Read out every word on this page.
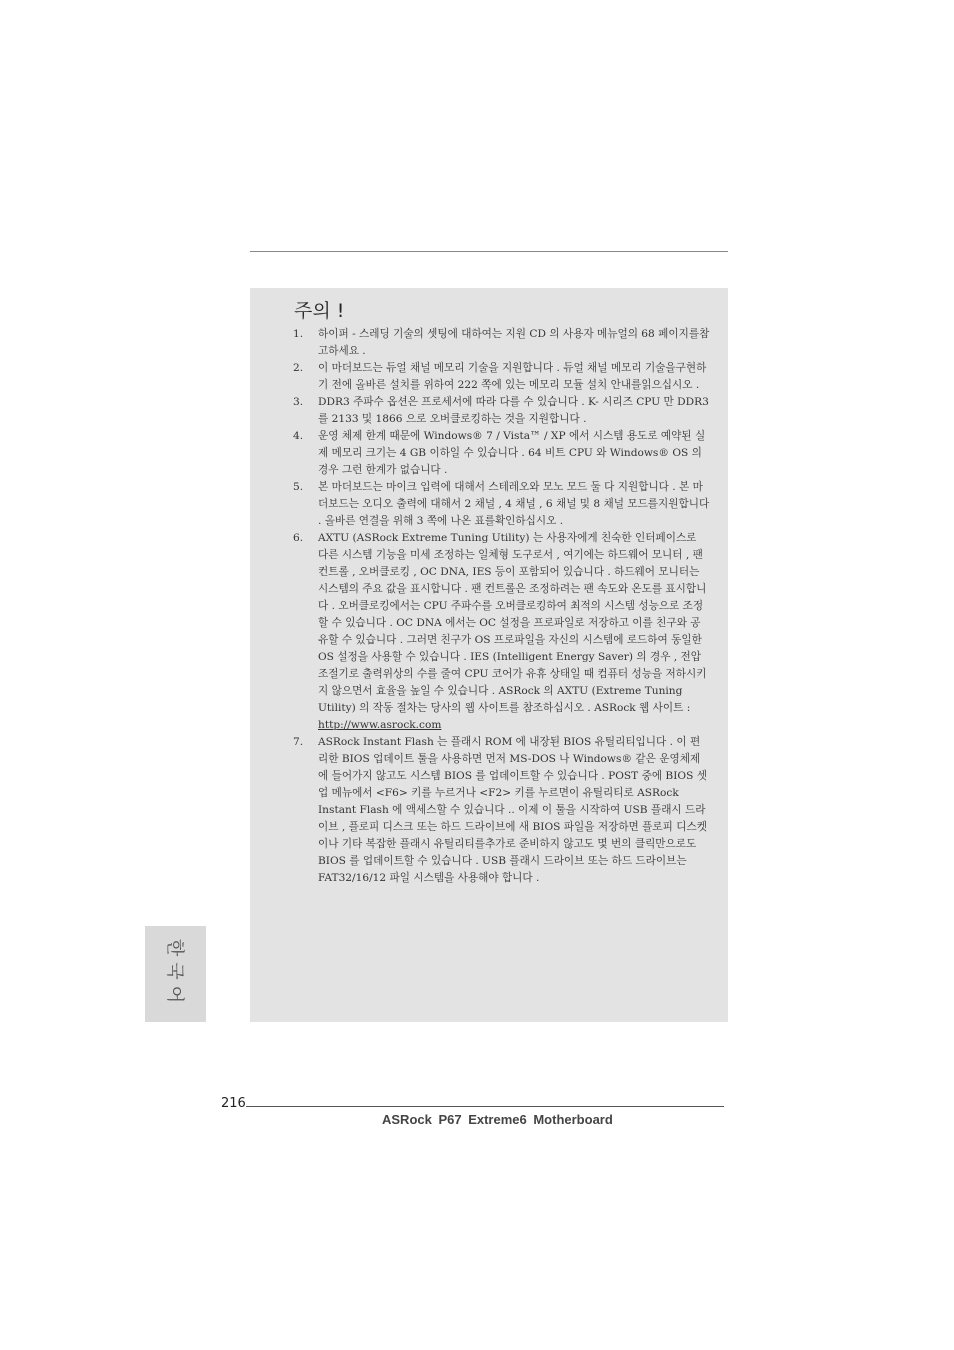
주의 !
1. 하이퍼 - 스레딩 기술의 셋팅에 대하여는 지원 CD 의 사용자 메뉴얼의 68 페이지를참고하세요 .
2. 이 마더보드는 듀얼 채널 메모리 기술을 지원합니다 . 듀얼 채널 메모리 기술을구현하기 전에 올바른 설치를 위하여 222 쪽에 있는 메모리 모듈 설치 안내를읽으십시오 .
3. DDR3 주파수 옵션은 프로세서에 따라 다를 수 있습니다 . K- 시리즈 CPU 만 DDR3 를 2133 및 1866 으로 오버클로킹하는 것을 지원합니다 .
4. 운영 체제 한계 때문에 Windows® 7 / Vista™ / XP 에서 시스템 용도로 예약된 실제 메모리 크기는 4 GB 이하일 수 있습니다 . 64 비트 CPU 와 Windows® OS 의 경우 그런 한계가 없습니다 .
5. 본 마더보드는 마이크 입력에 대해서 스테레오와 모노 모드 둘 다 지원합니다 . 본 마더보드는 오디오 출력에 대해서 2 채널 , 4 채널 , 6 채널 및 8 채널 모드를지원합니다 . 올바른 연결을 위해 3 쪽에 나온 표를확인하십시오 .
6. AXTU (ASRock Extreme Tuning Utility) 는 사용자에게 친숙한 인터페이스로 다른 시스템 기능을 미세 조정하는 일체형 도구로서 , 여기에는 하드웨어 모니터 , 팬 컨트롤 , 오버클로킹 , OC DNA, IES 등이 포함되어 있습니다 . 하드웨어 모니터는 시스템의 주요 값을 표시합니다 . 팬 컨트롤은 조정하려는 팬 속도와 온도를 표시합니다 . 오버클로킹에서는 CPU 주파수를 오버클로킹하여 최적의 시스템 성능으로 조정할 수 있습니다 . OC DNA 에서는 OC 설정을 프로파일로 저장하고 이를 친구와 공유할 수 있습니다 . 그러면 친구가 OS 프로파일을 자신의 시스템에 로드하여 동일한 OS 설정을 사용할 수 있습니다 . IES (Intelligent Energy Saver) 의 경우 , 전압 조절기로 출력위상의 수를 줄여 CPU 코어가 유휴 상태일 때 컴퓨터 성능을 저하시키지 않으면서 효율을 높일 수 있습니다 . ASRock 의 AXTU (Extreme Tuning Utility) 의 작동 절차는 당사의 웹 사이트를 참조하십시오 . ASRock 웹 사이트 : http://www.asrock.com
7. ASRock Instant Flash 는 플래시 ROM 에 내장된 BIOS 유틸리티입니다 . 이 편리한 BIOS 업데이트 툴을 사용하면 먼저 MS-DOS 나 Windows® 같은 운영체제에 들어가지 않고도 시스템 BIOS 를 업데이트할 수 있습니다 . POST 중에 BIOS 셋업 메뉴에서 <F6> 키를 누르거나 <F2> 키를 누르면이 유틸리티로 ASRock Instant Flash 에 액세스할 수 있습니다 .. 이제 이 툴을 시작하여 USB 플래시 드라이브 , 플로피 디스크 또는 하드 드라이브에 새 BIOS 파일을 저장하면 플로피 디스켓이나 기타 복잡한 플래시 유틸리티를추가로 준비하지 않고도 몇 번의 클릭만으로도 BIOS 를 업데이트할 수 있습니다 . USB 플래시 드라이브 또는 하드 드라이브는 FAT32/16/12 파일 시스템을 사용해야 합니다 .
한국어
216
ASRock P67 Extreme6 Motherboard
